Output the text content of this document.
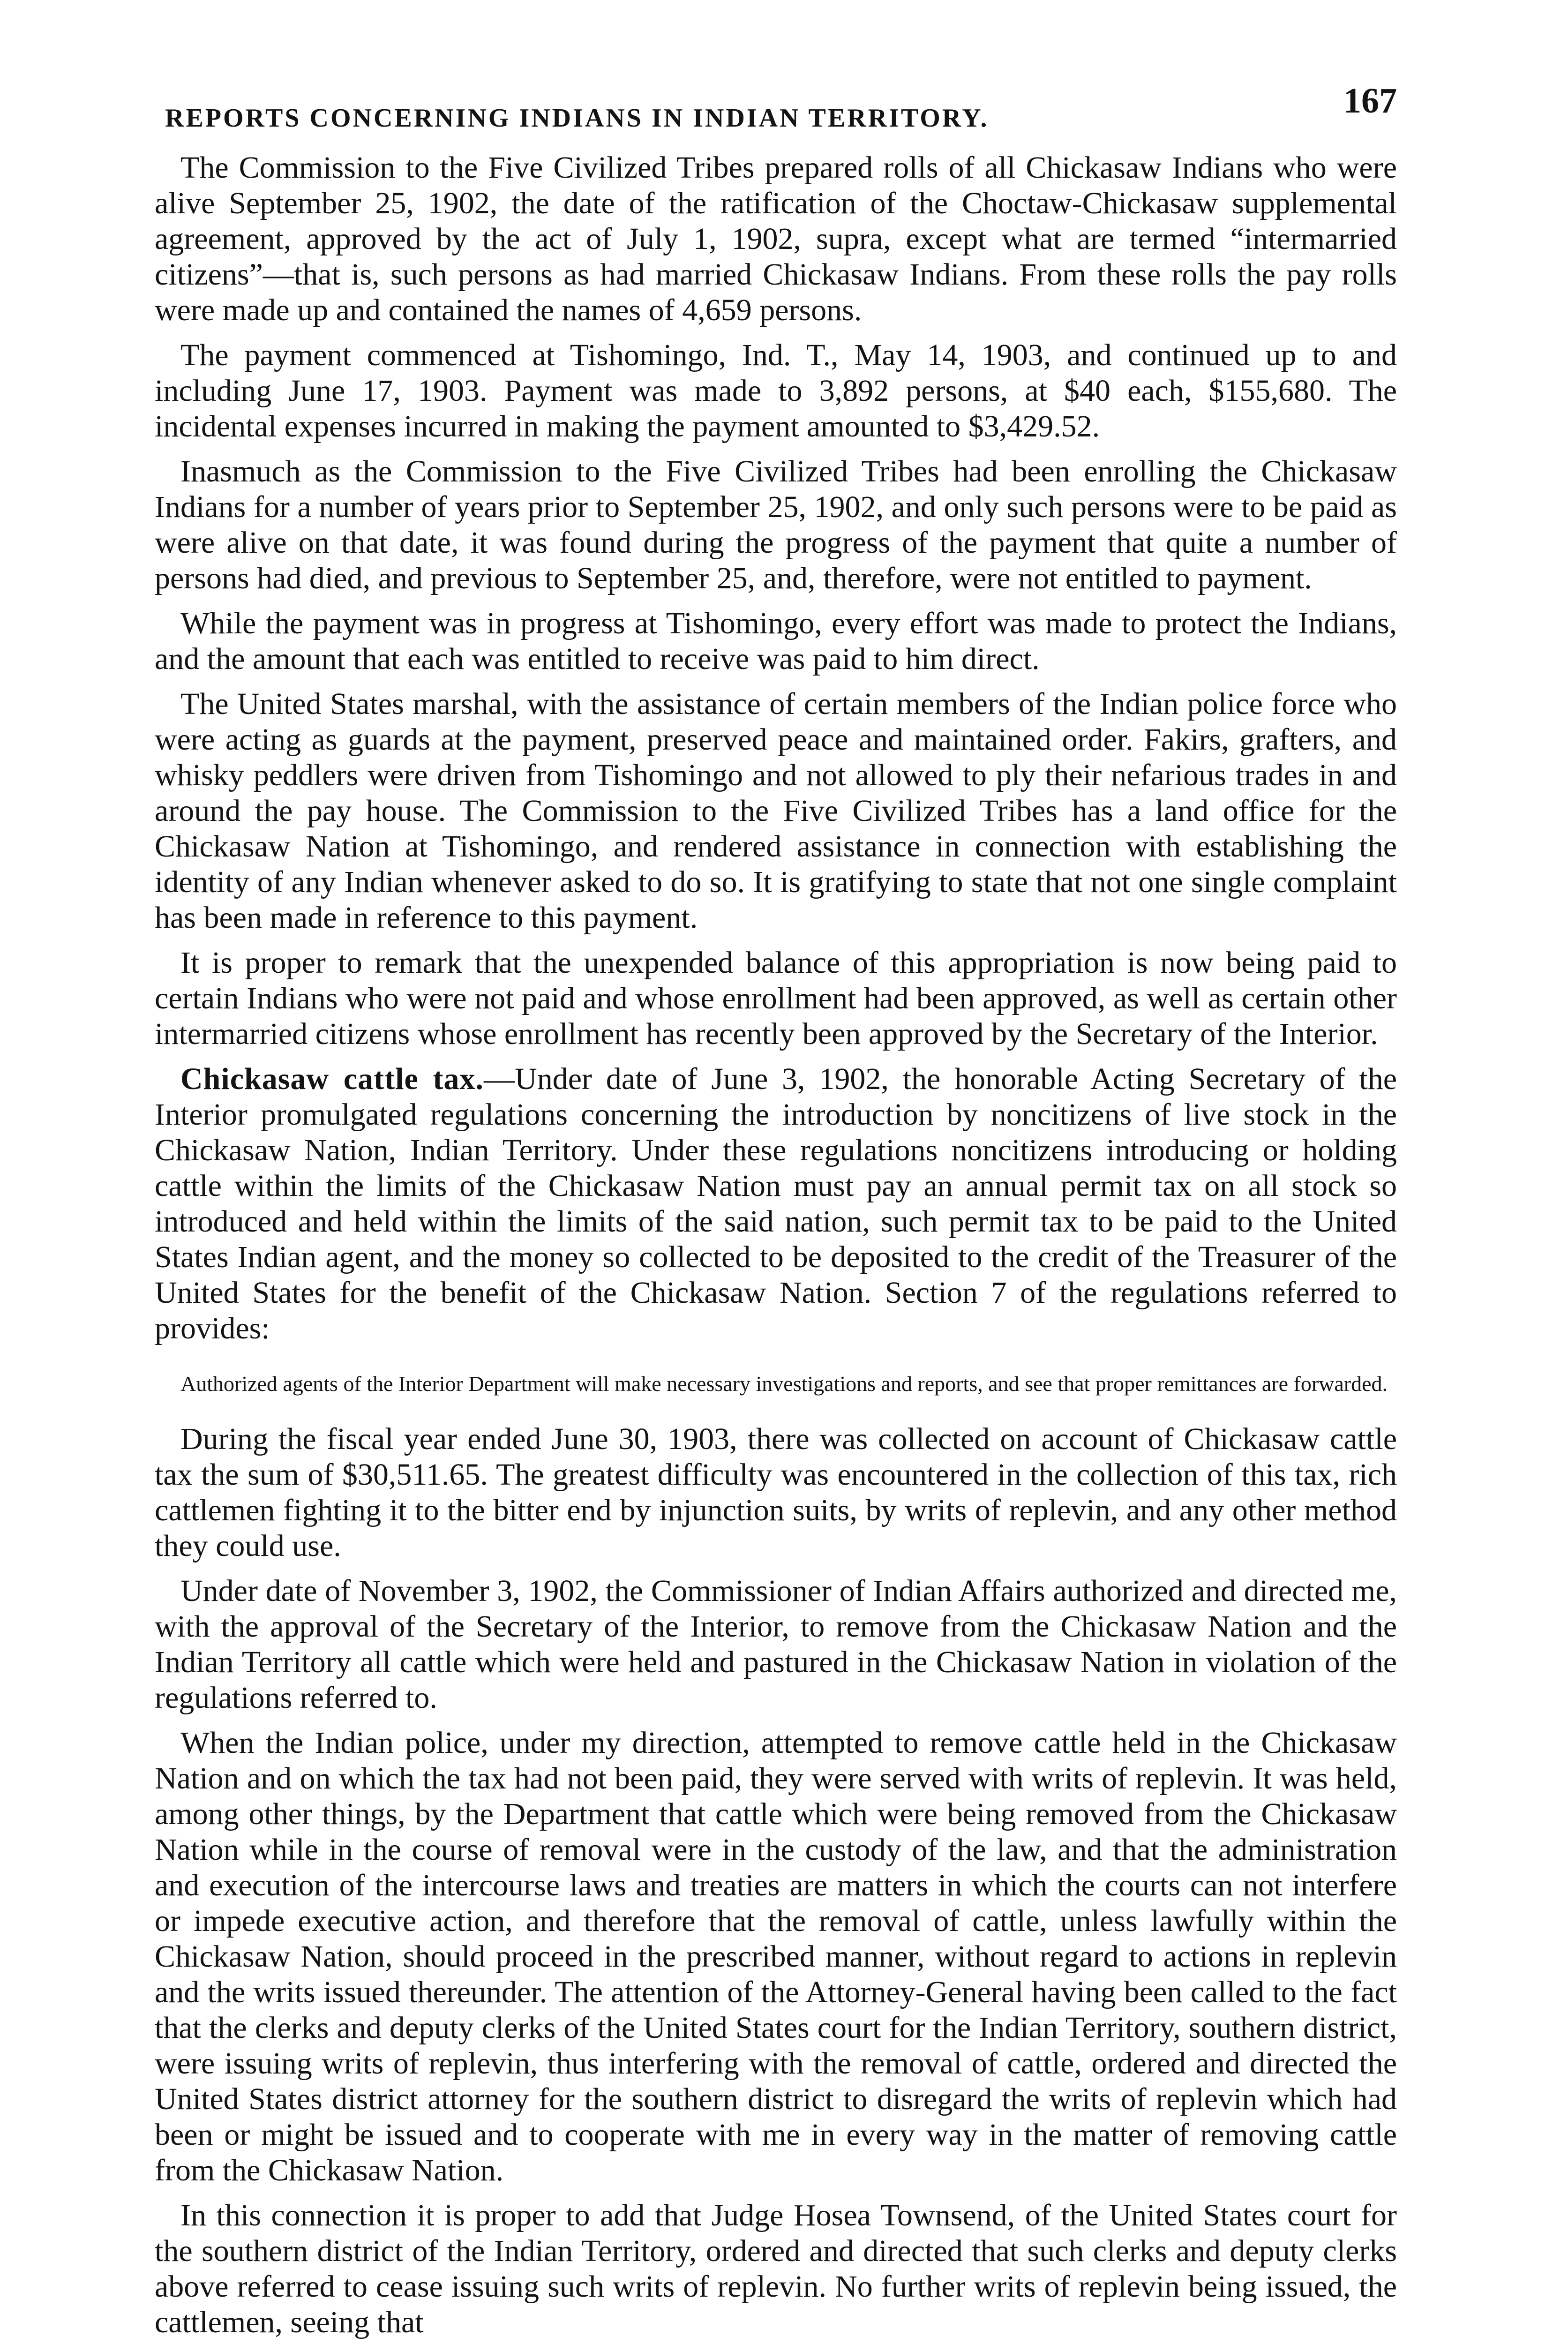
REPORTS CONCERNING INDIANS IN INDIAN TERRITORY.	167

The Commission to the Five Civilized Tribes prepared rolls of all Chickasaw Indians who were alive September 25, 1902, the date of the ratification of the Choctaw-Chickasaw supplemental agreement, approved by the act of July 1, 1902, supra, except what are termed “intermarried citizens”—that is, such persons as had married Chickasaw Indians. From these rolls the pay rolls were made up and contained the names of 4,659 persons.

The payment commenced at Tishomingo, Ind. T., May 14, 1903, and continued up to and including June 17, 1903. Payment was made to 3,892 persons, at $40 each, $155,680. The incidental expenses incurred in making the payment amounted to $3,429.52.

Inasmuch as the Commission to the Five Civilized Tribes had been enrolling the Chickasaw Indians for a number of years prior to September 25, 1902, and only such persons were to be paid as were alive on that date, it was found during the progress of the payment that quite a number of persons had died, and previous to September 25, and, therefore, were not entitled to payment.

While the payment was in progress at Tishomingo, every effort was made to protect the Indians, and the amount that each was entitled to receive was paid to him direct.

The United States marshal, with the assistance of certain members of the Indian police force who were acting as guards at the payment, preserved peace and maintained order. Fakirs, grafters, and whisky peddlers were driven from Tishomingo and not allowed to ply their nefarious trades in and around the pay house. The Commission to the Five Civilized Tribes has a land office for the Chickasaw Nation at Tishomingo, and rendered assistance in connection with establishing the identity of any Indian whenever asked to do so. It is gratifying to state that not one single complaint has been made in reference to this payment.

It is proper to remark that the unexpended balance of this appropriation is now being paid to certain Indians who were not paid and whose enrollment had been approved, as well as certain other intermarried citizens whose enrollment has recently been approved by the Secretary of the Interior.

Chickasaw cattle tax.—Under date of June 3, 1902, the honorable Acting Secretary of the Interior promulgated regulations concerning the introduction by noncitizens of live stock in the Chickasaw Nation, Indian Territory. Under these regulations noncitizens introducing or holding cattle within the limits of the Chickasaw Nation must pay an annual permit tax on all stock so introduced and held within the limits of the said nation, such permit tax to be paid to the United States Indian agent, and the money so collected to be deposited to the credit of the Treasurer of the United States for the benefit of the Chickasaw Nation. Section 7 of the regulations referred to provides:

Authorized agents of the Interior Department will make necessary investigations and reports, and see that proper remittances are forwarded.

During the fiscal year ended June 30, 1903, there was collected on account of Chickasaw cattle tax the sum of $30,511.65. The greatest difficulty was encountered in the collection of this tax, rich cattlemen fighting it to the bitter end by injunction suits, by writs of replevin, and any other method they could use.

Under date of November 3, 1902, the Commissioner of Indian Affairs authorized and directed me, with the approval of the Secretary of the Interior, to remove from the Chickasaw Nation and the Indian Territory all cattle which were held and pastured in the Chickasaw Nation in violation of the regulations referred to.

When the Indian police, under my direction, attempted to remove cattle held in the Chickasaw Nation and on which the tax had not been paid, they were served with writs of replevin. It was held, among other things, by the Department that cattle which were being removed from the Chickasaw Nation while in the course of removal were in the custody of the law, and that the administration and execution of the intercourse laws and treaties are matters in which the courts can not interfere or impede executive action, and therefore that the removal of cattle, unless lawfully within the Chickasaw Nation, should proceed in the prescribed manner, without regard to actions in replevin and the writs issued thereunder. The attention of the Attorney-General having been called to the fact that the clerks and deputy clerks of the United States court for the Indian Territory, southern district, were issuing writs of replevin, thus interfering with the removal of cattle, ordered and directed the United States district attorney for the southern district to disregard the writs of replevin which had been or might be issued and to cooperate with me in every way in the matter of removing cattle from the Chickasaw Nation.

In this connection it is proper to add that Judge Hosea Townsend, of the United States court for the southern district of the Indian Territory, ordered and directed that such clerks and deputy clerks above referred to cease issuing such writs of replevin. No further writs of replevin being issued, the cattlemen, seeing that
